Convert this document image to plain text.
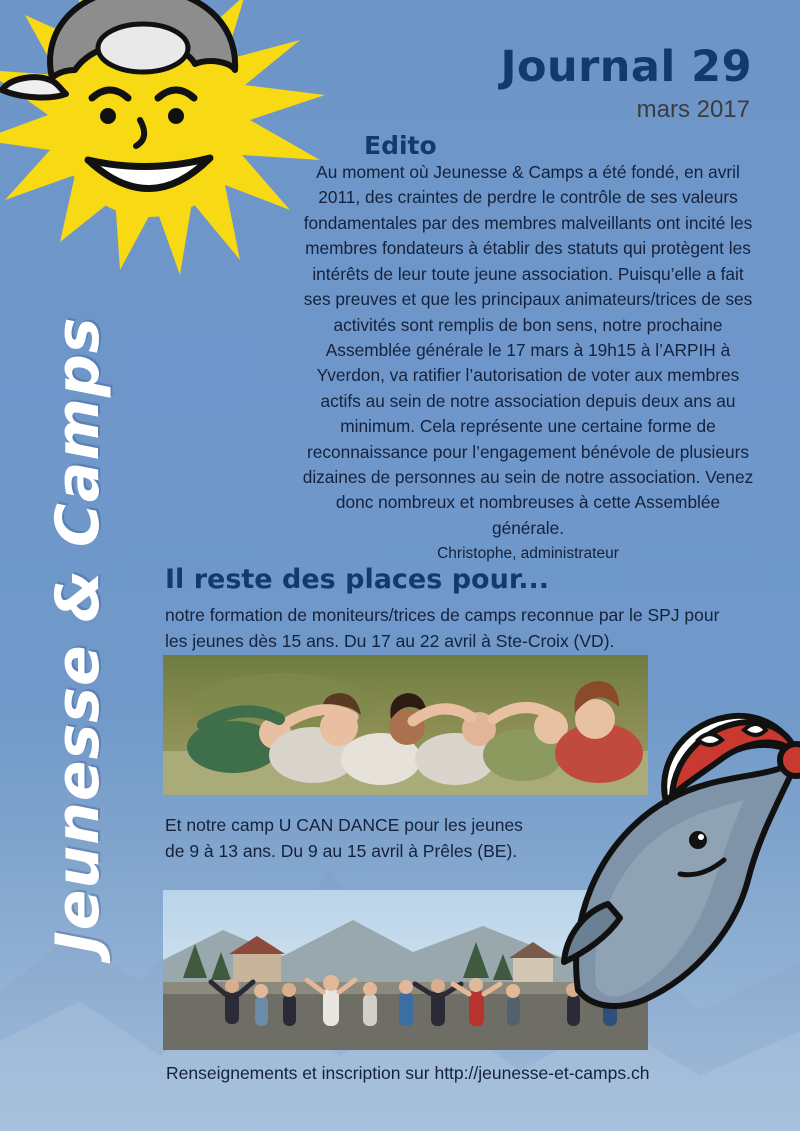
Jeunesse & Camps
Journal 29
mars 2017
Edito
Au moment où Jeunesse & Camps a été fondé, en avril 2011, des craintes de perdre le contrôle de ses valeurs fondamentales par des membres malveillants ont incité les membres fondateurs à établir des statuts qui protègent les intérêts de leur toute jeune association. Puisqu’elle a fait ses preuves et que les principaux animateurs/trices de ses activités sont remplis de bon sens, notre prochaine Assemblée générale le 17 mars à 19h15 à l’ARPIH à Yverdon, va ratifier l’autorisation de voter aux membres actifs au sein de notre association depuis deux ans au minimum. Cela représente une certaine forme de reconnaissance pour l’engagement bénévole de plusieurs dizaines de personnes au sein de notre association. Venez donc nombreux et nombreuses à cette Assemblée générale.
Christophe, administrateur
Il reste des places pour...
notre formation de moniteurs/trices de camps reconnue par le SPJ pour les jeunes dès 15 ans. Du 17 au 22 avril à Ste-Croix (VD).
Et notre camp U CAN DANCE pour les jeunes de 9 à 13 ans. Du 9 au 15 avril à Prêles (BE).
Renseignements et inscription sur http://jeunesse-et-camps.ch
